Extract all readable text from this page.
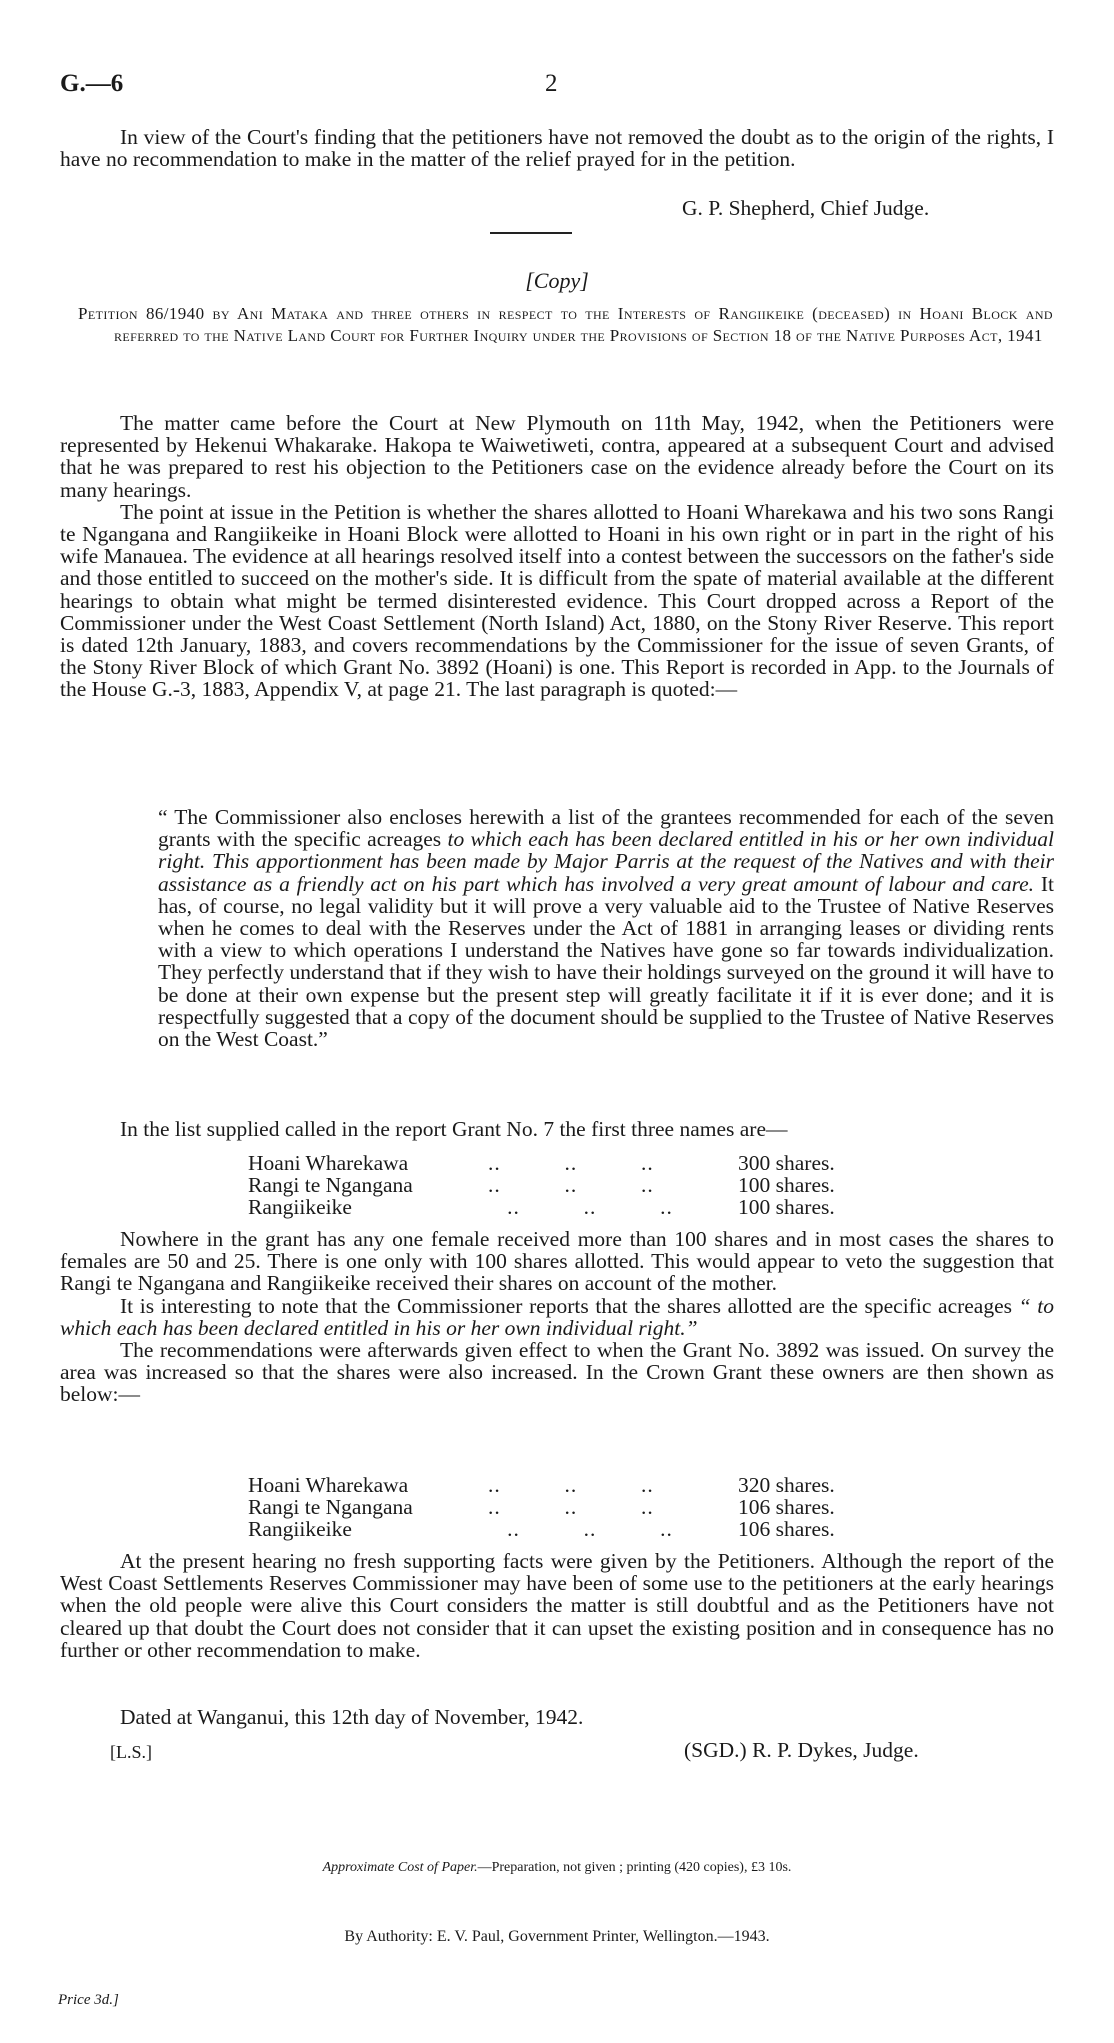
G.—6	2

In view of the Court's finding that the petitioners have not removed the doubt as to the origin of the rights, I have no recommendation to make in the matter of the relief prayed for in the petition.

G. P. Shepherd, Chief Judge.
[Copy]
Petition 86/1940 by Ani Mataka and three others in respect to the Interests of Rangiikeike (deceased) in Hoani Block and referred to the Native Land Court for Further Inquiry under the Provisions of Section 18 of the Native Purposes Act, 1941

The matter came before the Court at New Plymouth on 11th May, 1942, when the Petitioners were represented by Hekenui Whakarake. Hakopa te Waiwetiweti, contra, appeared at a subsequent Court and advised that he was prepared to rest his objection to the Petitioners case on the evidence already before the Court on its many hearings.

The point at issue in the Petition is whether the shares allotted to Hoani Wharekawa and his two sons Rangi te Ngangana and Rangiikeike in Hoani Block were allotted to Hoani in his own right or in part in the right of his wife Manauea. The evidence at all hearings resolved itself into a contest between the successors on the father's side and those entitled to succeed on the mother's side. It is difficult from the spate of material available at the different hearings to obtain what might be termed disinterested evidence. This Court dropped across a Report of the Commissioner under the West Coast Settlement (North Island) Act, 1880, on the Stony River Reserve. This report is dated 12th January, 1883, and covers recommendations by the Commissioner for the issue of seven Grants, of the Stony River Block of which Grant No. 3892 (Hoani) is one. This Report is recorded in App. to the Journals of the House G.-3, 1883, Appendix V, at page 21. The last paragraph is quoted:—

“ The Commissioner also encloses herewith a list of the grantees recommended for each of the seven grants with the specific acreages to which each has been declared entitled in his or her own individual right. This apportionment has been made by Major Parris at the request of the Natives and with their assistance as a friendly act on his part which has involved a very great amount of labour and care. It has, of course, no legal validity but it will prove a very valuable aid to the Trustee of Native Reserves when he comes to deal with the Reserves under the Act of 1881 in arranging leases or dividing rents with a view to which operations I understand the Natives have gone so far towards individualization. They perfectly understand that if they wish to have their holdings surveyed on the ground it will have to be done at their own expense but the present step will greatly facilitate it if it is ever done; and it is respectfully suggested that a copy of the document should be supplied to the Trustee of Native Reserves on the West Coast.”

In the list supplied called in the report Grant No. 7 the first three names are—

Hoani Wharekawa	..          ..          ..	300 shares.
Rangi te Ngangana	..          ..          ..	100 shares.
Rangiikeike	..          ..          ..	100 shares.

Nowhere in the grant has any one female received more than 100 shares and in most cases the shares to females are 50 and 25. There is one only with 100 shares allotted. This would appear to veto the suggestion that Rangi te Ngangana and Rangiikeike received their shares on account of the mother.

It is interesting to note that the Commissioner reports that the shares allotted are the specific acreages “ to which each has been declared entitled in his or her own individual right.”

The recommendations were afterwards given effect to when the Grant No. 3892 was issued. On survey the area was increased so that the shares were also increased. In the Crown Grant these owners are then shown as below:—

Hoani Wharekawa	..          ..          ..	320 shares.
Rangi te Ngangana	..          ..          ..	106 shares.
Rangiikeike	..          ..          ..	106 shares.

At the present hearing no fresh supporting facts were given by the Petitioners. Although the report of the West Coast Settlements Reserves Commissioner may have been of some use to the petitioners at the early hearings when the old people were alive this Court considers the matter is still doubtful and as the Petitioners have not cleared up that doubt the Court does not consider that it can upset the existing position and in consequence has no further or other recommendation to make.

Dated at Wanganui, this 12th day of November, 1942.

[L.S.]	(SGD.) R. P. Dykes, Judge.
Approximate Cost of Paper.—Preparation, not given ; printing (420 copies), £3 10s.
By Authority: E. V. Paul, Government Printer, Wellington.—1943.
Price 3d.]
